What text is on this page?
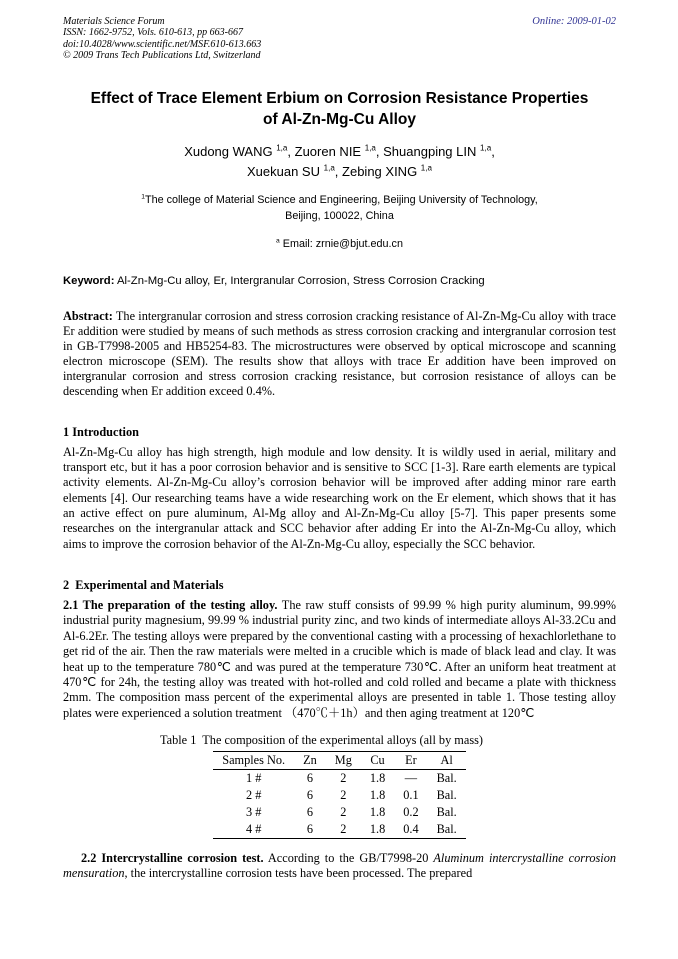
Materials Science Forum
ISSN: 1662-9752, Vols. 610-613, pp 663-667
doi:10.4028/www.scientific.net/MSF.610-613.663
© 2009 Trans Tech Publications Ltd, Switzerland
Online: 2009-01-02
Effect of Trace Element Erbium on Corrosion Resistance Properties
of Al-Zn-Mg-Cu Alloy
Xudong WANG $^{1,a}$, Zuoren NIE $^{1,a}$, Shuangping LIN $^{1,a}$,
Xuekuan SU $^{1,a}$, Zebing XING $^{1,a}$
$^1$The college of Material Science and Engineering, Beijing University of Technology,
Beijing, 100022, China
$^a$ Email: zrnie@bjut.edu.cn
Keyword: Al-Zn-Mg-Cu alloy, Er, Intergranular Corrosion, Stress Corrosion Cracking

Abstract: The intergranular corrosion and stress corrosion cracking resistance of Al-Zn-Mg-Cu alloy with trace Er addition were studied by means of such methods as stress corrosion cracking and intergranular corrosion test in GB-T7998-2005 and HB5254-83. The microstructures were observed by optical microscope and scanning electron microscope (SEM). The results show that alloys with trace Er addition have been improved on intergranular corrosion and stress corrosion cracking resistance, but corrosion resistance of alloys can be descending when Er addition exceed 0.4%.

1 Introduction

Al-Zn-Mg-Cu alloy has high strength, high module and low density. It is wildly used in aerial, military and transport etc, but it has a poor corrosion behavior and is sensitive to SCC [1-3]. Rare earth elements are typical activity elements. Al-Zn-Mg-Cu alloy’s corrosion behavior will be improved after adding minor rare earth elements [4]. Our researching teams have a wide researching work on the Er element, which shows that it has an active effect on pure aluminum, Al-Mg alloy and Al-Zn-Mg-Cu alloy [5-7]. This paper presents some researches on the intergranular attack and SCC behavior after adding Er into the Al-Zn-Mg-Cu alloy, which aims to improve the corrosion behavior of the Al-Zn-Mg-Cu alloy, especially the SCC behavior.

2  Experimental and Materials

2.1 The preparation of the testing alloy. The raw stuff consists of 99.99 % high purity aluminum, 99.99% industrial purity magnesium, 99.99 % industrial purity zinc, and two kinds of intermediate alloys Al-33.2Cu and Al-6.2Er. The testing alloys were prepared by the conventional casting with a processing of hexachlorlethane to get rid of the air. Then the raw materials were melted in a crucible which is made of black lead and clay. It was heat up to the temperature 780℃ and was pured at the temperature 730℃. After an uniform heat treatment at 470℃ for 24h, the testing alloy was treated with hot-rolled and cold rolled and became a plate with thickness 2mm. The composition mass percent of the experimental alloys are presented in table 1. Those testing alloy plates were experienced a solution treatment （470℃＋1h）and then aging treatment at 120℃

Table 1  The composition of the experimental alloys (all by mass)
Samples No.	Zn	Mg	Cu	Er	Al
1 #	6	2	1.8	—	Bal.
2 #	6	2	1.8	0.1	Bal.
3 #	6	2	1.8	0.2	Bal.
4 #	6	2	1.8	0.4	Bal.

2.2 Intercrystalline corrosion test. According to the GB/T7998-20 Aluminum intercrystalline corrosion mensuration, the intercrystalline corrosion tests have been processed. The prepared
